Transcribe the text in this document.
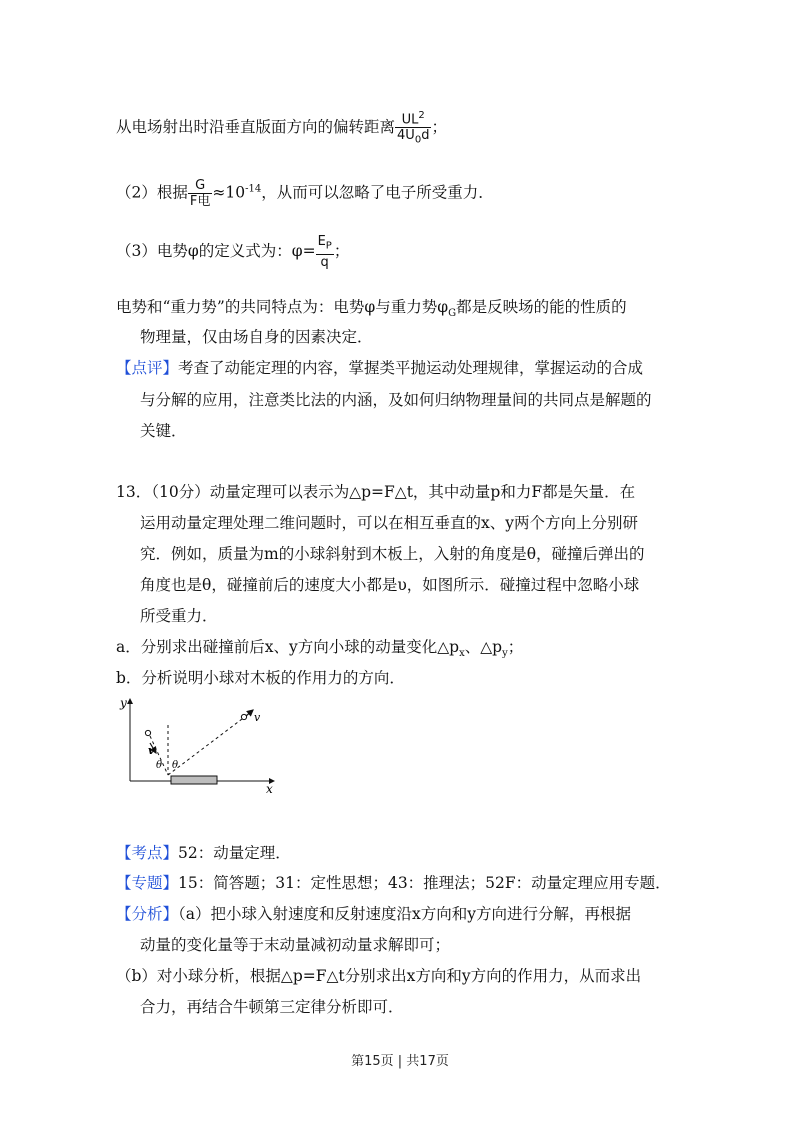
从电场射出时沿垂直版面方向的偏转距离 $\frac{UL^2}{4U_0d}$ ；
（2）根据 $\frac{G}{\text{F电}} \approx 10^{-14}$，从而可以忽略了电子所受重力．
（3）电势φ的定义式为：$\varphi= \frac{E_P}{q}$ ；
电势和“重力势”的共同特点为：电势φ与重力势$\varphi_G$都是反映场的能的性质的
物理量，仅由场自身的因素决定．
【点评】考查了动能定理的内容，掌握类平抛运动处理规律，掌握运动的合成
与分解的应用，注意类比法的内涵，及如何归纳物理量间的共同点是解题的
关键．
13．（10分）动量定理可以表示为△p=F△t，其中动量p和力F都是矢量．在
运用动量定理处理二维问题时，可以在相互垂直的x、y两个方向上分别研
究．例如，质量为m的小球斜射到木板上，入射的角度是θ，碰撞后弹出的
角度也是θ，碰撞前后的速度大小都是υ，如图所示．碰撞过程中忽略小球
所受重力．
a．分别求出碰撞前后x、y方向小球的动量变化$\triangle p_x$、$\triangle p_y$；
b．分析说明小球对木板的作用力的方向．
y
x
v
v
θ θ
【考点】52：动量定理．
【专题】15：简答题；31：定性思想；43：推理法；52F：动量定理应用专题．
【分析】（a）把小球入射速度和反射速度沿x方向和y方向进行分解，再根据
动量的变化量等于末动量减初动量求解即可；
（b）对小球分析，根据△p=F△t分别求出x方向和y方向的作用力，从而求出
合力，再结合牛顿第三定律分析即可．
第15页 | 共17页
